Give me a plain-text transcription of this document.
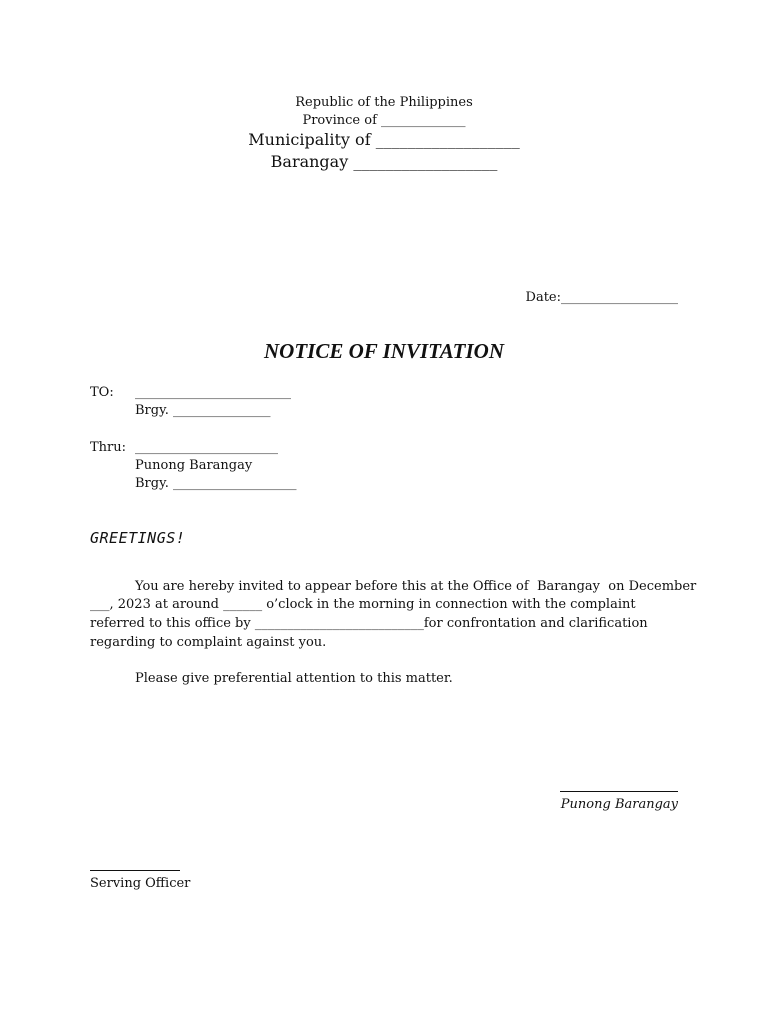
Republic of the Philippines
Province of _____________
Municipality of __________________
Barangay __________________
Date:__________________
NOTICE OF INVITATION
TO: ________________________
Brgy. _______________
Thru: ______________________
Punong Barangay
Brgy. ___________________
GREETINGS!
You are hereby invited to appear before this at the Office of  Barangay  on December
___, 2023 at around ______ o’clock in the morning in connection with the complaint
referred to this office by __________________________for confrontation and clarification
regarding to complaint against you.
Please give preferential attention to this matter.
Punong Barangay
Serving Officer
